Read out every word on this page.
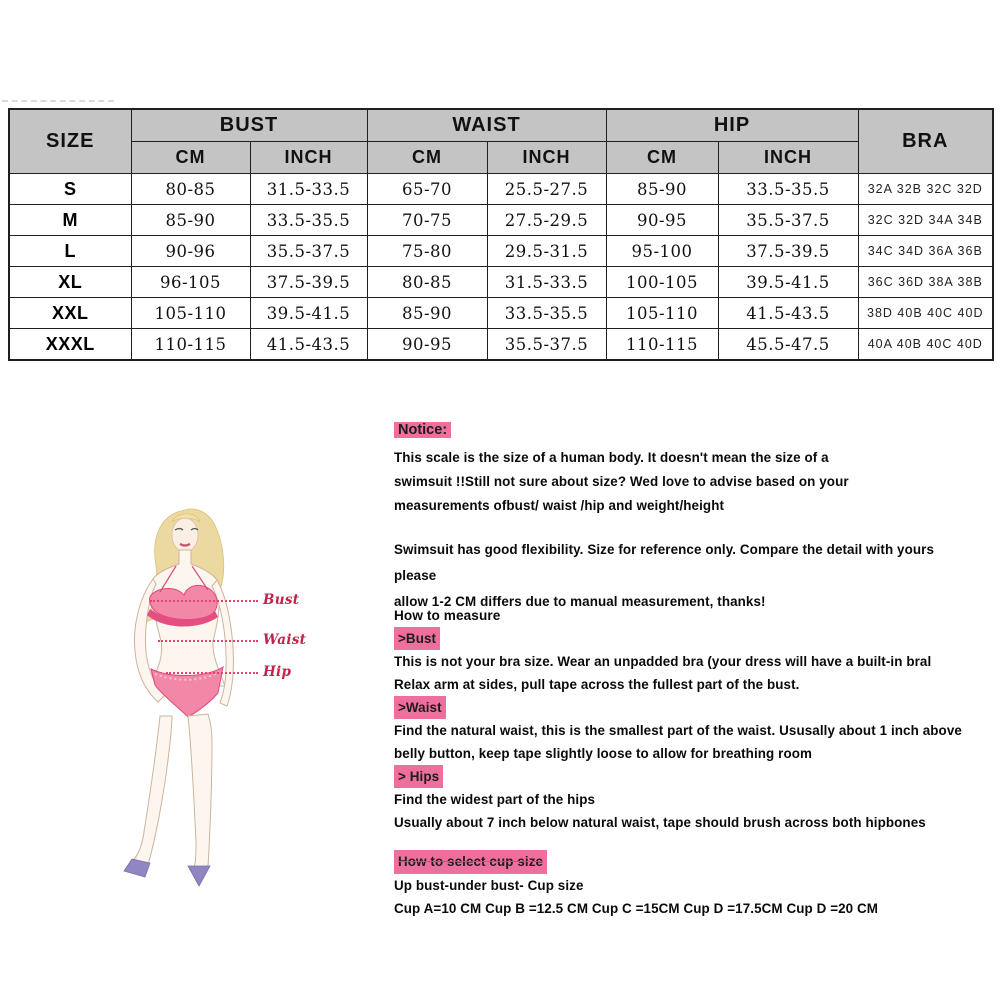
SIZE	BUST		WAIST		HIP		BRA
	CM	INCH	CM	INCH	CM	INCH	
S	80-85	31.5-33.5	65-70	25.5-27.5	85-90	33.5-35.5	32A 32B 32C 32D
M	85-90	33.5-35.5	70-75	27.5-29.5	90-95	35.5-37.5	32C 32D 34A 34B
L	90-96	35.5-37.5	75-80	29.5-31.5	95-100	37.5-39.5	34C 34D 36A 36B
XL	96-105	37.5-39.5	80-85	31.5-33.5	100-105	39.5-41.5	36C 36D 38A 38B
XXL	105-110	39.5-41.5	85-90	33.5-35.5	105-110	41.5-43.5	38D 40B 40C 40D
XXXL	110-115	41.5-43.5	90-95	35.5-37.5	110-115	45.5-47.5	40A 40B 40C 40D
Bust
Waist
Hip
Notice:
This scale is the size of a human body. It doesn't mean the size of a
swimsuit !!Still not sure about size? Wed love to advise based on your
measurements ofbust/ waist /hip and weight/height
Swimsuit has good flexibility. Size for reference only. Compare the detail with yours please
allow 1-2 CM differs due to manual measurement, thanks!
How to measure
>Bust
This is not your bra size. Wear an unpadded bra (your dress will have a built-in bral
Relax arm at sides, pull tape across the fullest part of the bust.
>Waist
Find the natural waist, this is the smallest part of the waist. Ususally about 1 inch above
belly button, keep tape slightly loose to allow for breathing room
> Hips
Find the widest part of the hips
Usually about 7 inch below natural waist, tape should brush across both hipbones
How to select cup size
Up bust-under bust- Cup size
Cup A=10 CM Cup B =12.5 CM Cup C =15CM Cup D =17.5CM Cup D =20 CM
